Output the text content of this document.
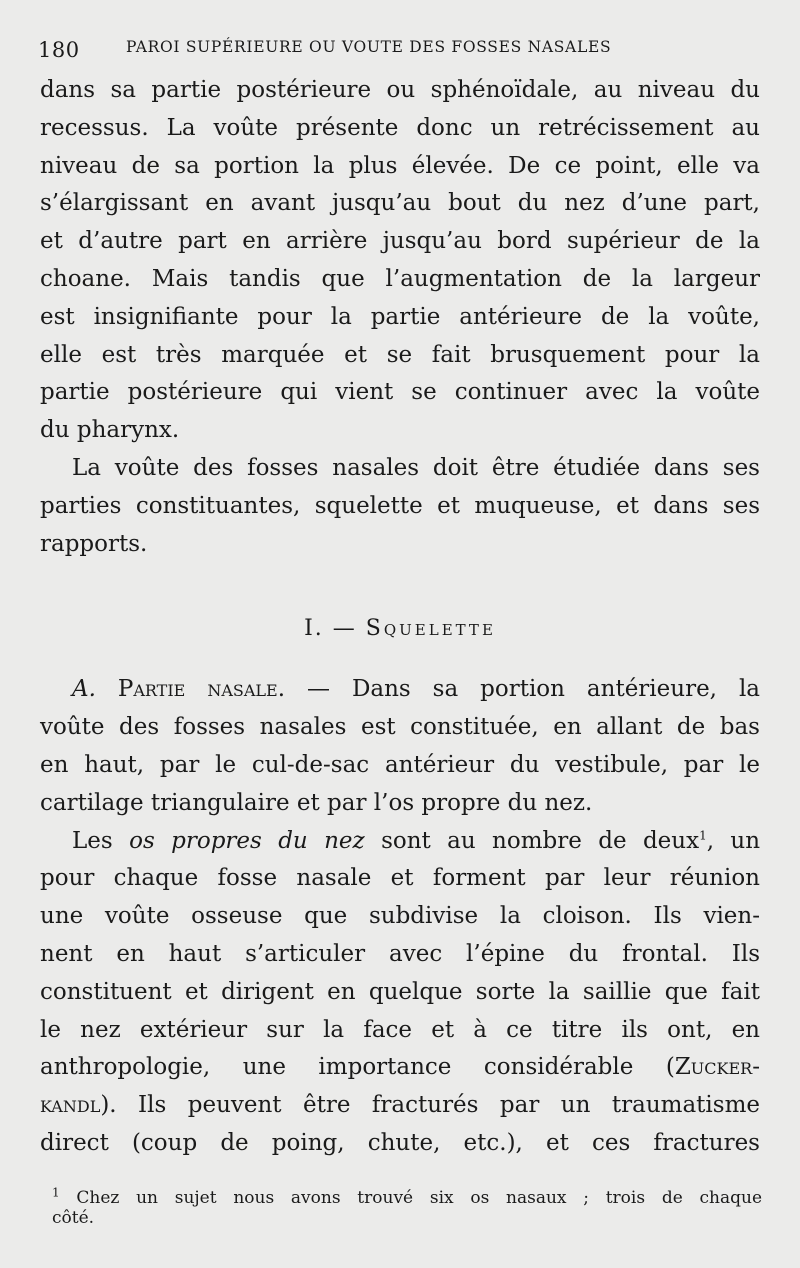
180	PAROI SUPÉRIEURE OU VOUTE DES FOSSES NASALES
dans sa partie postérieure ou sphénoïdale, au niveau du
recessus. La voûte présente donc un retrécissement au
niveau de sa portion la plus élevée. De ce point, elle va
s’élargissant en avant jusqu’au bout du nez d’une part,
et d’autre part en arrière jusqu’au bord supérieur de la
choane. Mais tandis que l’augmentation de la largeur
est insignifiante pour la partie antérieure de la voûte,
elle est très marquée et se fait brusquement pour la
partie postérieure qui vient se continuer avec la voûte
du pharynx.
La voûte des fosses nasales doit être étudiée dans ses
parties constituantes, squelette et muqueuse, et dans ses
rapports.
I. — Squelette
A. Partie nasale. — Dans sa portion antérieure, la
voûte des fosses nasales est constituée, en allant de bas
en haut, par le cul-de-sac antérieur du vestibule, par le
cartilage triangulaire et par l’os propre du nez.
Les os propres du nez sont au nombre de deux$^1$, un
pour chaque fosse nasale et forment par leur réunion
une voûte osseuse que subdivise la cloison. Ils vien-
nent en haut s’articuler avec l’épine du frontal. Ils
constituent et dirigent en quelque sorte la saillie que fait
le nez extérieur sur la face et à ce titre ils ont, en
anthropologie, une importance considérable (Zucker-
kandl). Ils peuvent être fracturés par un traumatisme
direct (coup de poing, chute, etc.), et ces fractures
$^1$ Chez un sujet nous avons trouvé six os nasaux ; trois de chaque
côté.
